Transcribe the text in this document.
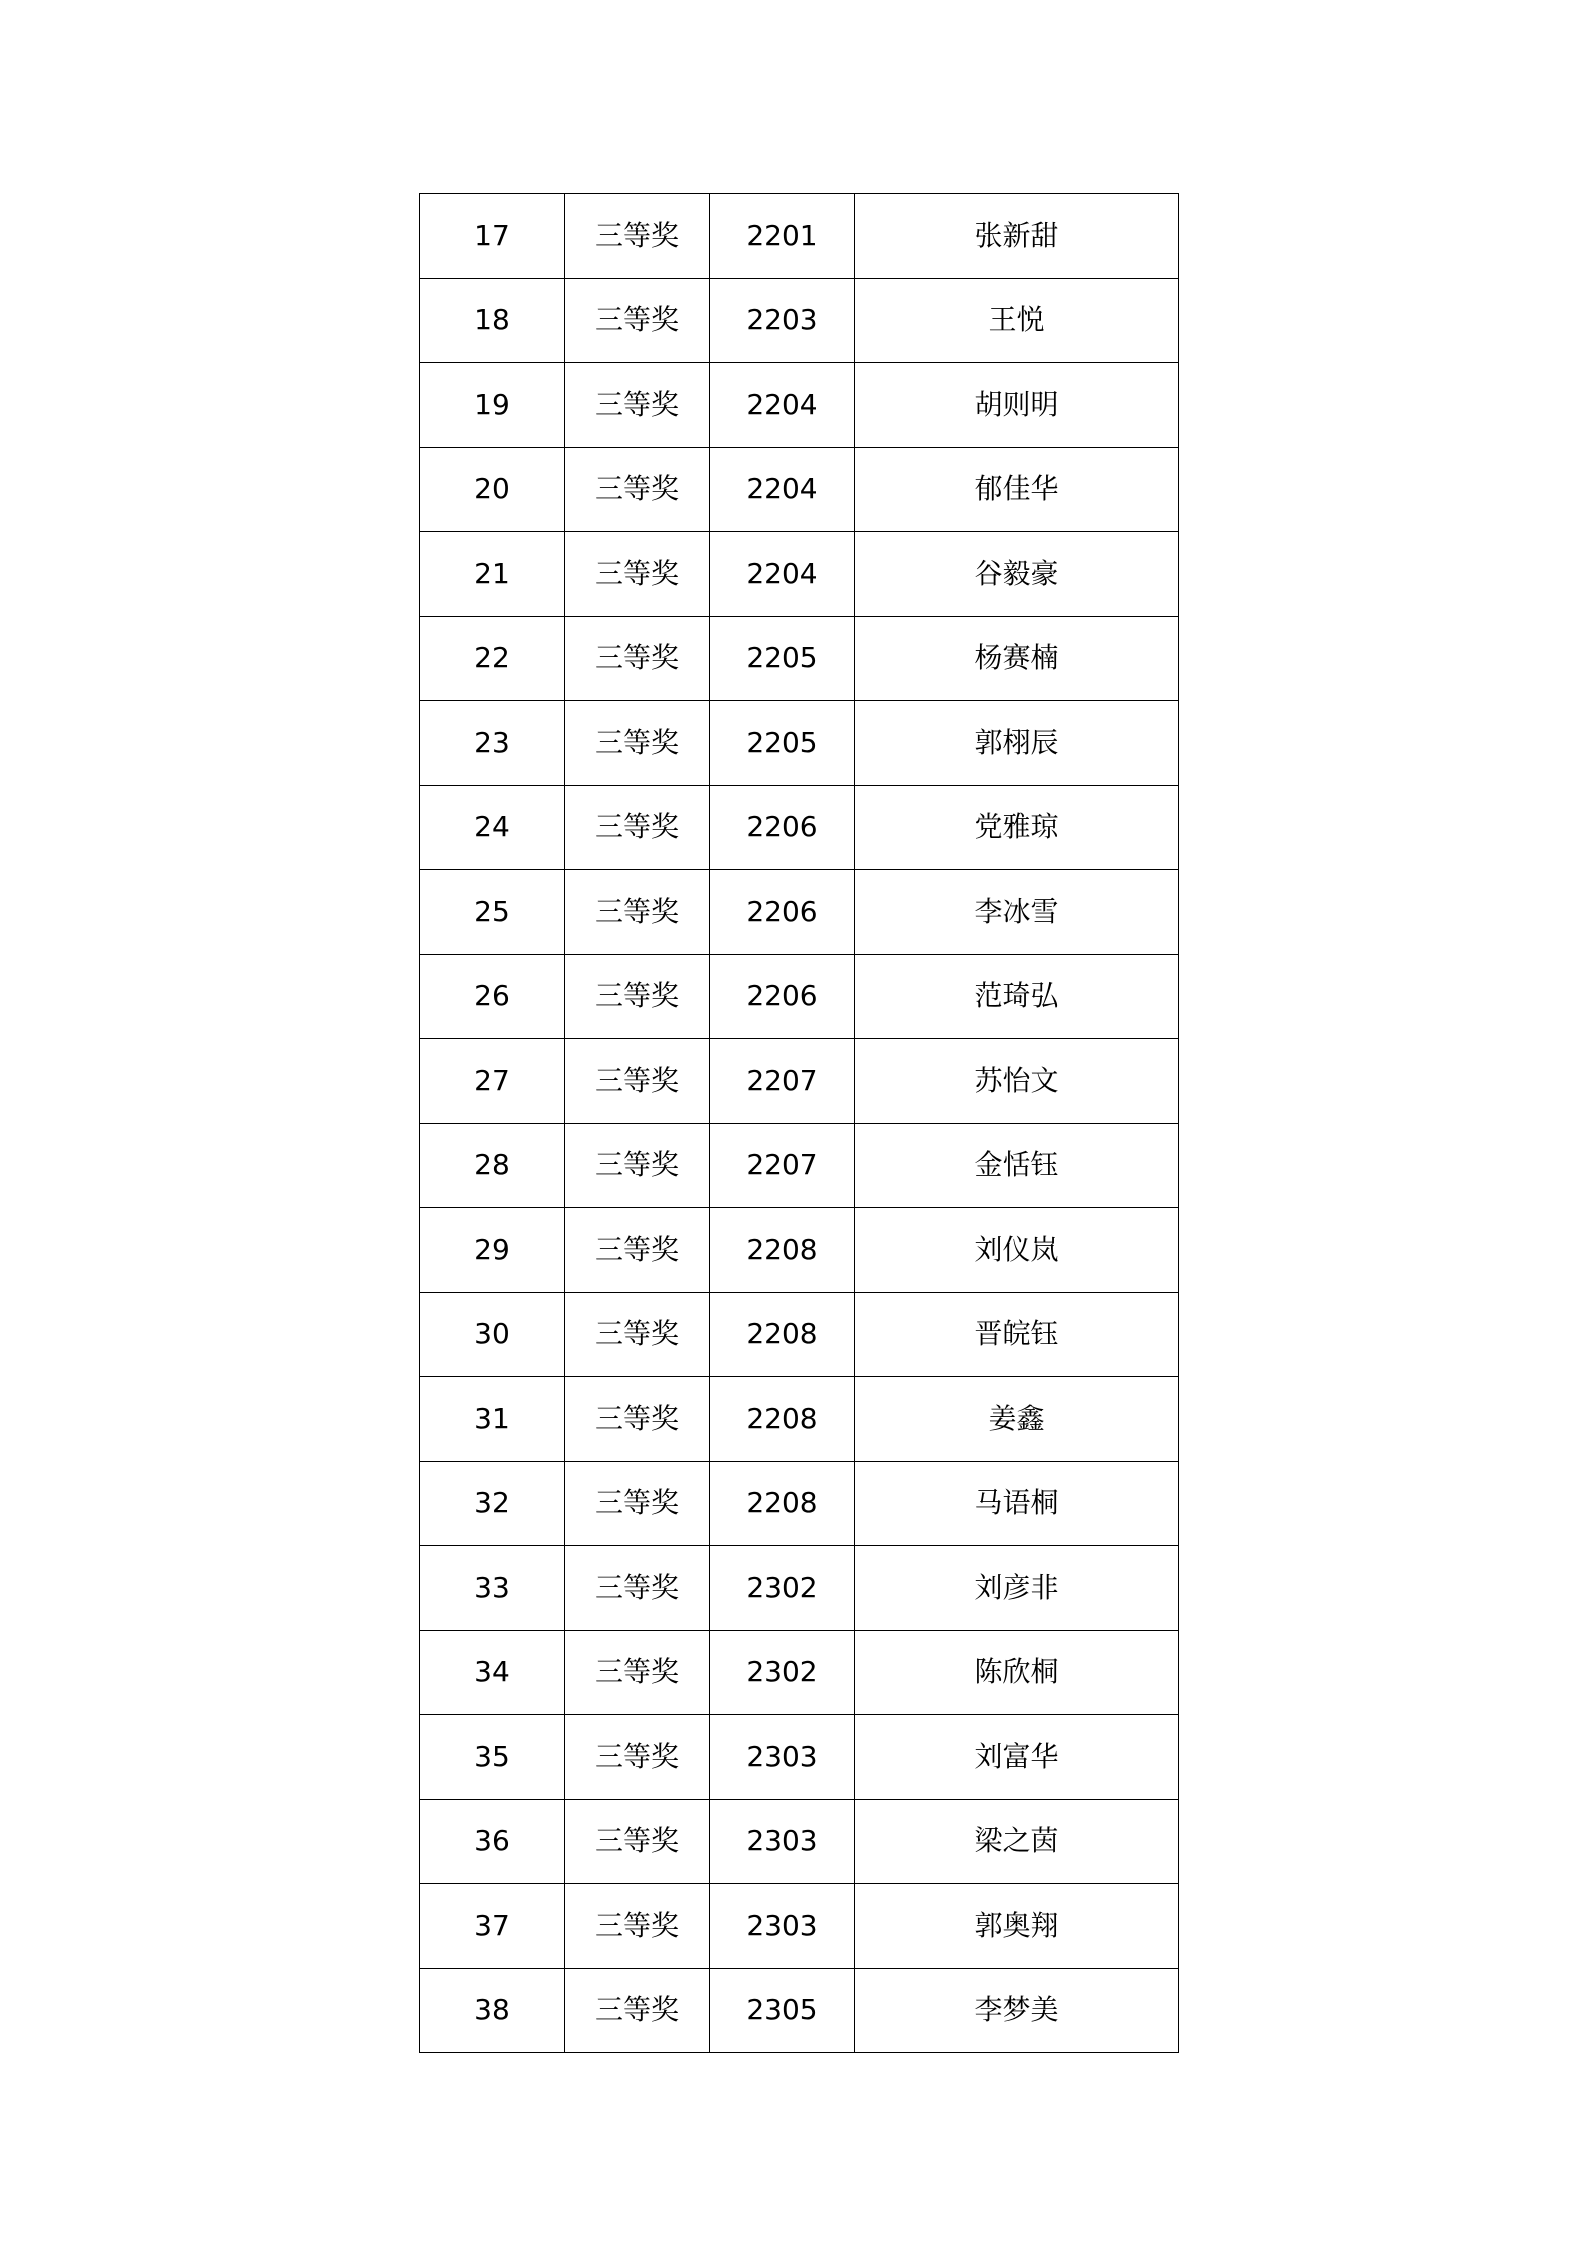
17	三等奖	2201	张新甜
18	三等奖	2203	王悦
19	三等奖	2204	胡则明
20	三等奖	2204	郁佳华
21	三等奖	2204	谷毅豪
22	三等奖	2205	杨赛楠
23	三等奖	2205	郭栩辰
24	三等奖	2206	党雅琼
25	三等奖	2206	李冰雪
26	三等奖	2206	范琦弘
27	三等奖	2207	苏怡文
28	三等奖	2207	金恬钰
29	三等奖	2208	刘仪岚
30	三等奖	2208	晋皖钰
31	三等奖	2208	姜鑫
32	三等奖	2208	马语桐
33	三等奖	2302	刘彦非
34	三等奖	2302	陈欣桐
35	三等奖	2303	刘富华
36	三等奖	2303	梁之茵
37	三等奖	2303	郭奥翔
38	三等奖	2305	李梦美
